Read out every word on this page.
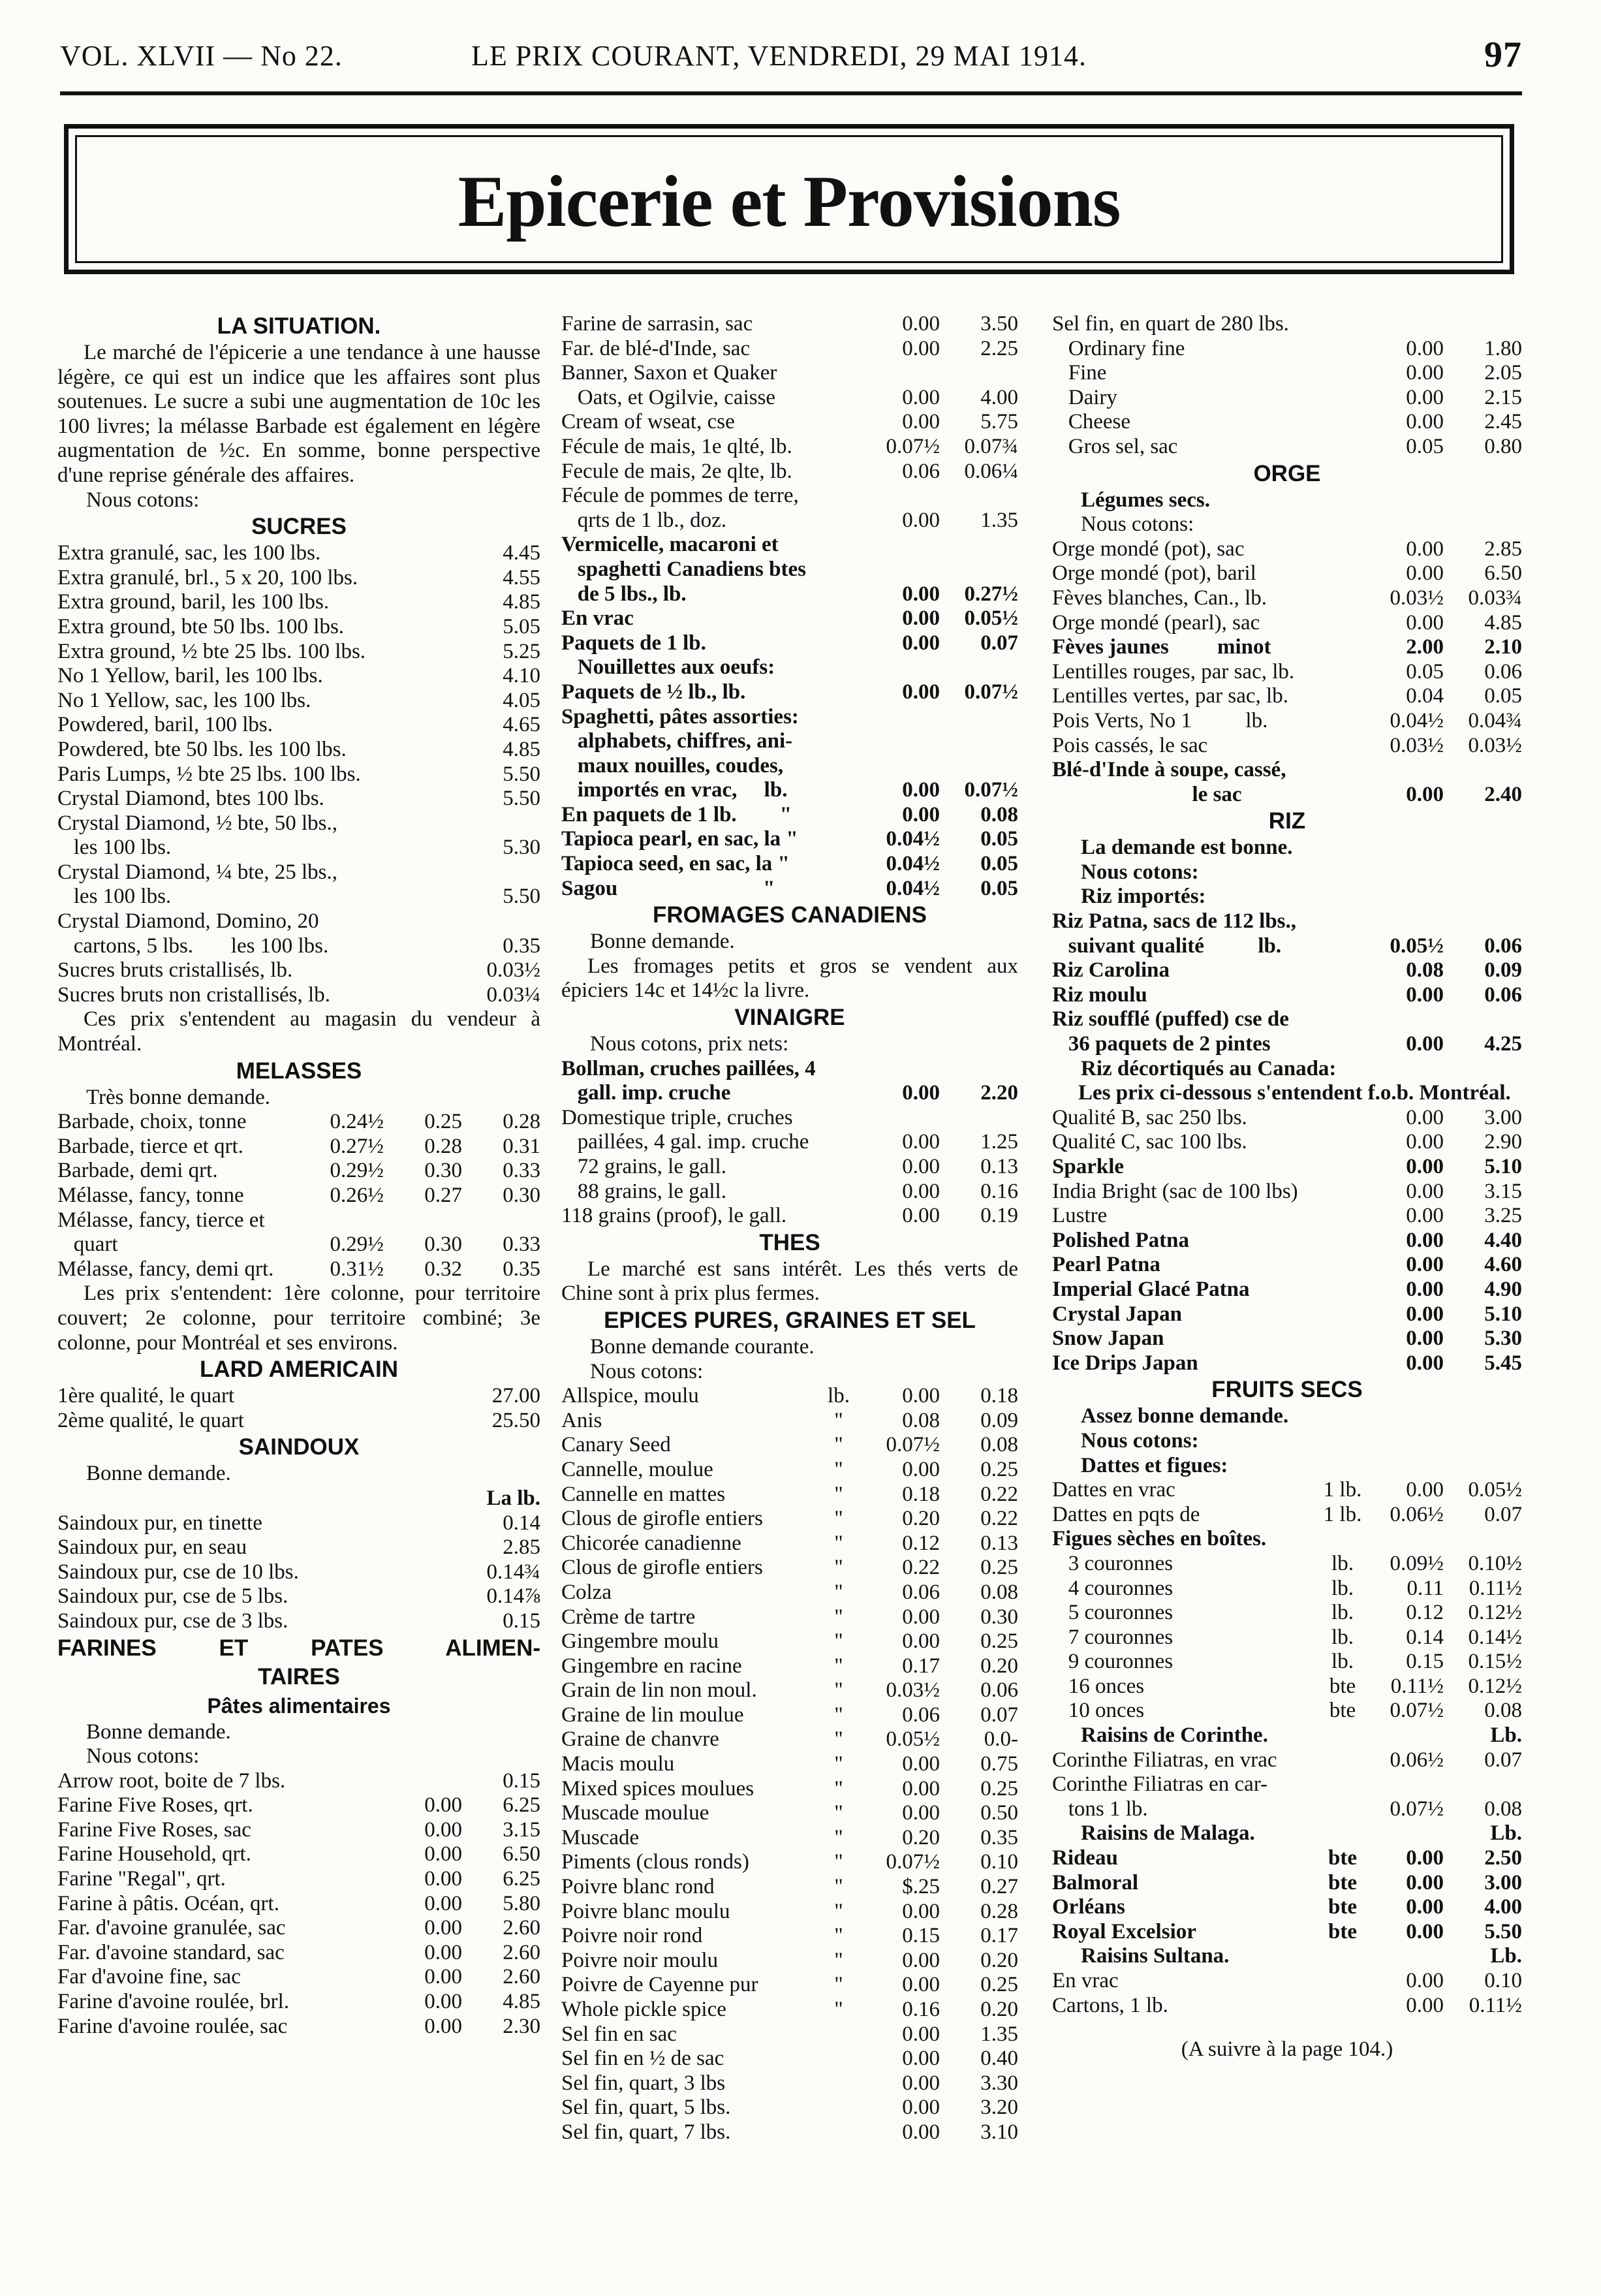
VOL. XLVII — No 22.	LE PRIX COURANT, VENDREDI, 29 MAI 1914.	97
Epicerie et Provisions
LA SITUATION.

Le marché de l'épicerie a une tendance à une hausse légère, ce qui est un indice que les affaires sont plus soutenues. Le sucre a subi une augmentation de 10c les 100 livres; la mélasse Barbade est également en légère augmentation de ½c. En somme, bonne perspective d'une reprise générale des affaires.

Nous cotons:
SUCRES
Extra granulé, sac, les 100 lbs.	4.45
Extra granulé, brl., 5 x 20, 100 lbs.	4.55
Extra ground, baril, les 100 lbs.	4.85
Extra ground, bte 50 lbs. 100 lbs.	5.05
Extra ground, ½ bte 25 lbs. 100 lbs.	5.25
No 1 Yellow, baril, les 100 lbs.	4.10
No 1 Yellow, sac, les 100 lbs.	4.05
Powdered, baril, 100 lbs.	4.65
Powdered, bte 50 lbs. les 100 lbs.	4.85
Paris Lumps, ½ bte 25 lbs. 100 lbs.	5.50
Crystal Diamond, btes 100 lbs.	5.50
Crystal Diamond, ½ bte, 50 lbs.,
les 100 lbs.	5.30
Crystal Diamond, ¼ bte, 25 lbs.,
les 100 lbs.	5.50
Crystal Diamond, Domino, 20
cartons, 5 lbs.       les 100 lbs.	0.35
Sucres bruts cristallisés, lb.	0.03½
Sucres bruts non cristallisés, lb.	0.03¼

Ces prix s'entendent au magasin du vendeur à Montréal.

MELASSES
Très bonne demande.
Barbade, choix, tonne	0.24½	0.25	0.28
Barbade, tierce et qrt.	0.27½	0.28	0.31
Barbade, demi qrt.	0.29½	0.30	0.33
Mélasse, fancy, tonne	0.26½	0.27	0.30
Mélasse, fancy, tierce et
quart	0.29½	0.30	0.33
Mélasse, fancy, demi qrt.	0.31½	0.32	0.35

Les prix s'entendent: 1ère colonne, pour territoire couvert; 2e colonne, pour territoire combiné; 3e colonne, pour Montréal et ses environs.

LARD AMERICAIN
1ère qualité, le quart	27.00
2ème qualité, le quart	25.50
SAINDOUX
Bonne demande.
La lb.
Saindoux pur, en tinette	0.14
Saindoux pur, en seau	2.85
Saindoux pur, cse de 10 lbs.	0.14¾
Saindoux pur, cse de 5 lbs.	0.14⅞
Saindoux pur, cse de 3 lbs.	0.15
FARINES ET PATES ALIMEN-
TAIRES
Pâtes alimentaires
Bonne demande.
Nous cotons:
Arrow root, boite de 7 lbs.	0.15
Farine Five Roses, qrt.	0.00	6.25
Farine Five Roses, sac	0.00	3.15
Farine Household, qrt.	0.00	6.50
Farine "Regal", qrt.	0.00	6.25
Farine à pâtis. Océan, qrt.	0.00	5.80
Far. d'avoine granulée, sac	0.00	2.60
Far. d'avoine standard, sac	0.00	2.60
Far d'avoine fine, sac	0.00	2.60
Farine d'avoine roulée, brl.	0.00	4.85
Farine d'avoine roulée, sac	0.00	2.30
Farine de sarrasin, sac	0.00	3.50
Far. de blé-d'Inde, sac	0.00	2.25
Banner, Saxon et Quaker
Oats, et Ogilvie, caisse	0.00	4.00
Cream of wseat, cse	0.00	5.75
Fécule de mais, 1e qlté, lb.	0.07½	0.07¾
Fecule de mais, 2e qlte, lb.	0.06	0.06¼
Fécule de pommes de terre,
qrts de 1 lb., doz.	0.00	1.35
Vermicelle, macaroni et
spaghetti Canadiens btes
de 5 lbs., lb.	0.00	0.27½
En vrac	0.00	0.05½
Paquets de 1 lb.	0.00	0.07
Nouillettes aux oeufs:
Paquets de ½ lb., lb.	0.00	0.07½
Spaghetti, pâtes assorties:
alphabets, chiffres, ani-
maux nouilles, coudes,
importés en vrac,     lb.	0.00	0.07½
En paquets de 1 lb.        "	0.00	0.08
Tapioca pearl, en sac, la "	0.04½	0.05
Tapioca seed, en sac, la "	0.04½	0.05
Sagou                           "	0.04½	0.05
FROMAGES CANADIENS
Bonne demande.

Les fromages petits et gros se vendent aux épiciers 14c et 14½c la livre.

VINAIGRE
Nous cotons, prix nets:
Bollman, cruches paillées, 4
gall. imp. cruche	0.00	2.20
Domestique triple, cruches
paillées, 4 gal. imp. cruche	0.00	1.25
72 grains, le gall.	0.00	0.13
88 grains, le gall.	0.00	0.16
118 grains (proof), le gall.	0.00	0.19
THES

Le marché est sans intérêt. Les thés verts de Chine sont à prix plus fermes.

EPICES PURES, GRAINES ET SEL
Bonne demande courante.
Nous cotons:
Allspice, moulu	lb.	0.00	0.18
Anis	"	0.08	0.09
Canary Seed	"	0.07½	0.08
Cannelle, moulue	"	0.00	0.25
Cannelle en mattes	"	0.18	0.22
Clous de girofle entiers	"	0.20	0.22
Chicorée canadienne	"	0.12	0.13
Clous de girofle entiers	"	0.22	0.25
Colza	"	0.06	0.08
Crème de tartre	"	0.00	0.30
Gingembre moulu	"	0.00	0.25
Gingembre en racine	"	0.17	0.20
Grain de lin non moul.	"	0.03½	0.06
Graine de lin moulue	"	0.06	0.07
Graine de chanvre	"	0.05½	0.0-
Macis moulu	"	0.00	0.75
Mixed spices moulues	"	0.00	0.25
Muscade moulue	"	0.00	0.50
Muscade	"	0.20	0.35
Piments (clous ronds)	"	0.07½	0.10
Poivre blanc rond	"	$.25	0.27
Poivre blanc moulu	"	0.00	0.28
Poivre noir rond	"	0.15	0.17
Poivre noir moulu	"	0.00	0.20
Poivre de Cayenne pur	"	0.00	0.25
Whole pickle spice	"	0.16	0.20
Sel fin en sac	0.00	1.35
Sel fin en ½ de sac	0.00	0.40
Sel fin, quart, 3 lbs	0.00	3.30
Sel fin, quart, 5 lbs.	0.00	3.20
Sel fin, quart, 7 lbs.	0.00	3.10
Sel fin, en quart de 280 lbs.
Ordinary fine	0.00	1.80
Fine	0.00	2.05
Dairy	0.00	2.15
Cheese	0.00	2.45
Gros sel, sac	0.05	0.80
ORGE
Légumes secs.
Nous cotons:
Orge mondé (pot), sac	0.00	2.85
Orge mondé (pot), baril	0.00	6.50
Fèves blanches, Can., lb.	0.03½	0.03¾
Orge mondé (pearl), sac	0.00	4.85
Fèves jaunes         minot	2.00	2.10
Lentilles rouges, par sac, lb.	0.05	0.06
Lentilles vertes, par sac, lb.	0.04	0.05
Pois Verts, No 1          lb.	0.04½	0.04¾
Pois cassés, le sac	0.03½	0.03½
Blé-d'Inde à soupe, cassé,
le sac	0.00	2.40
RIZ
La demande est bonne.
Nous cotons:
Riz importés:
Riz Patna, sacs de 112 lbs.,
suivant qualité          lb.	0.05½	0.06
Riz Carolina	0.08	0.09
Riz moulu	0.00	0.06
Riz soufflé (puffed) cse de
36 paquets de 2 pintes	0.00	4.25
Riz décortiqués au Canada:

Les prix ci-dessous s'entendent f.o.b. Montréal.

Qualité B, sac 250 lbs.	0.00	3.00
Qualité C, sac 100 lbs.	0.00	2.90
Sparkle	0.00	5.10
India Bright (sac de 100 lbs)	0.00	3.15
Lustre	0.00	3.25
Polished Patna	0.00	4.40
Pearl Patna	0.00	4.60
Imperial Glacé Patna	0.00	4.90
Crystal Japan	0.00	5.10
Snow Japan	0.00	5.30
Ice Drips Japan	0.00	5.45
FRUITS SECS
Assez bonne demande.
Nous cotons:
Dattes et figues:
Dattes en vrac	1 lb.	0.00	0.05½
Dattes en pqts de	1 lb.	0.06½	0.07
Figues sèches en boîtes.
3 couronnes	lb.	0.09½	0.10½
4 couronnes	lb.	0.11	0.11½
5 couronnes	lb.	0.12	0.12½
7 couronnes	lb.	0.14	0.14½
9 couronnes	lb.	0.15	0.15½
16 onces	bte	0.11½	0.12½
10 onces	bte	0.07½	0.08
Raisins de Corinthe.	Lb.
Corinthe Filiatras, en vrac	0.06½	0.07
Corinthe Filiatras en car-
tons 1 lb.	0.07½	0.08
Raisins de Malaga.	Lb.
Rideau	bte	0.00	2.50
Balmoral	bte	0.00	3.00
Orléans	bte	0.00	4.00
Royal Excelsior	bte	0.00	5.50
Raisins Sultana.	Lb.
En vrac	0.00	0.10
Cartons, 1 lb.	0.00	0.11½
(A suivre à la page 104.)
